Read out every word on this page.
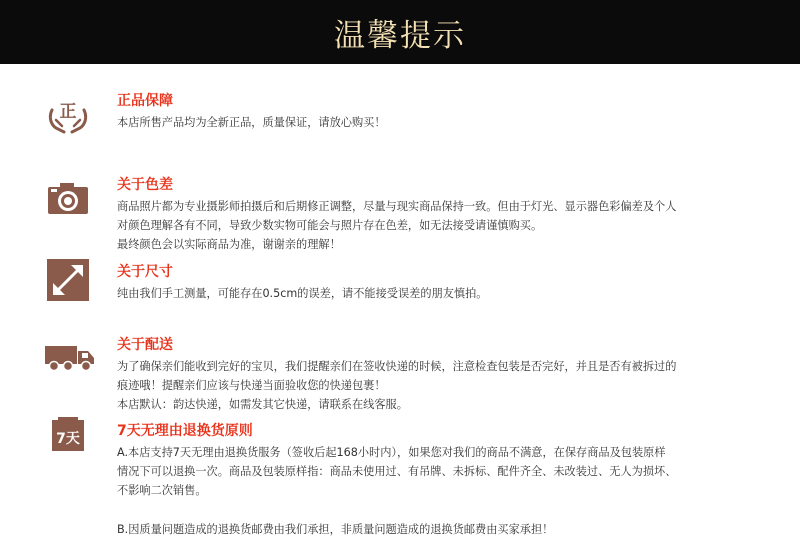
温馨提示
正
正品保障
本店所售产品均为全新正品，质量保证，请放心购买！
关于色差
商品照片都为专业摄影师拍摄后和后期修正调整，尽量与现实商品保持一致。但由于灯光、显示器色彩偏差及个人
对颜色理解各有不同，导致少数实物可能会与照片存在色差，如无法接受请谨慎购买。
最终颜色会以实际商品为准，谢谢亲的理解！
关于尺寸
纯由我们手工测量，可能存在0.5cm的误差，请不能接受误差的朋友慎拍。
关于配送
为了确保亲们能收到完好的宝贝，我们提醒亲们在签收快递的时候，注意检查包装是否完好，并且是否有被拆过的
痕迹哦！提醒亲们应该与快递当面验收您的快递包裹！
本店默认：韵达快递，如需发其它快递，请联系在线客服。
7天	7天无理由退换货原则
A.本店支持7天无理由退换货服务（签收后起168小时内），如果您对我们的商品不满意，在保存商品及包装原样
情况下可以退换一次。商品及包装原样指：商品未使用过、有吊牌、未拆标、配件齐全、未改装过、无人为损坏、
不影响二次销售。
B.因质量问题造成的退换货邮费由我们承担，非质量问题造成的退换货邮费由买家承担！
